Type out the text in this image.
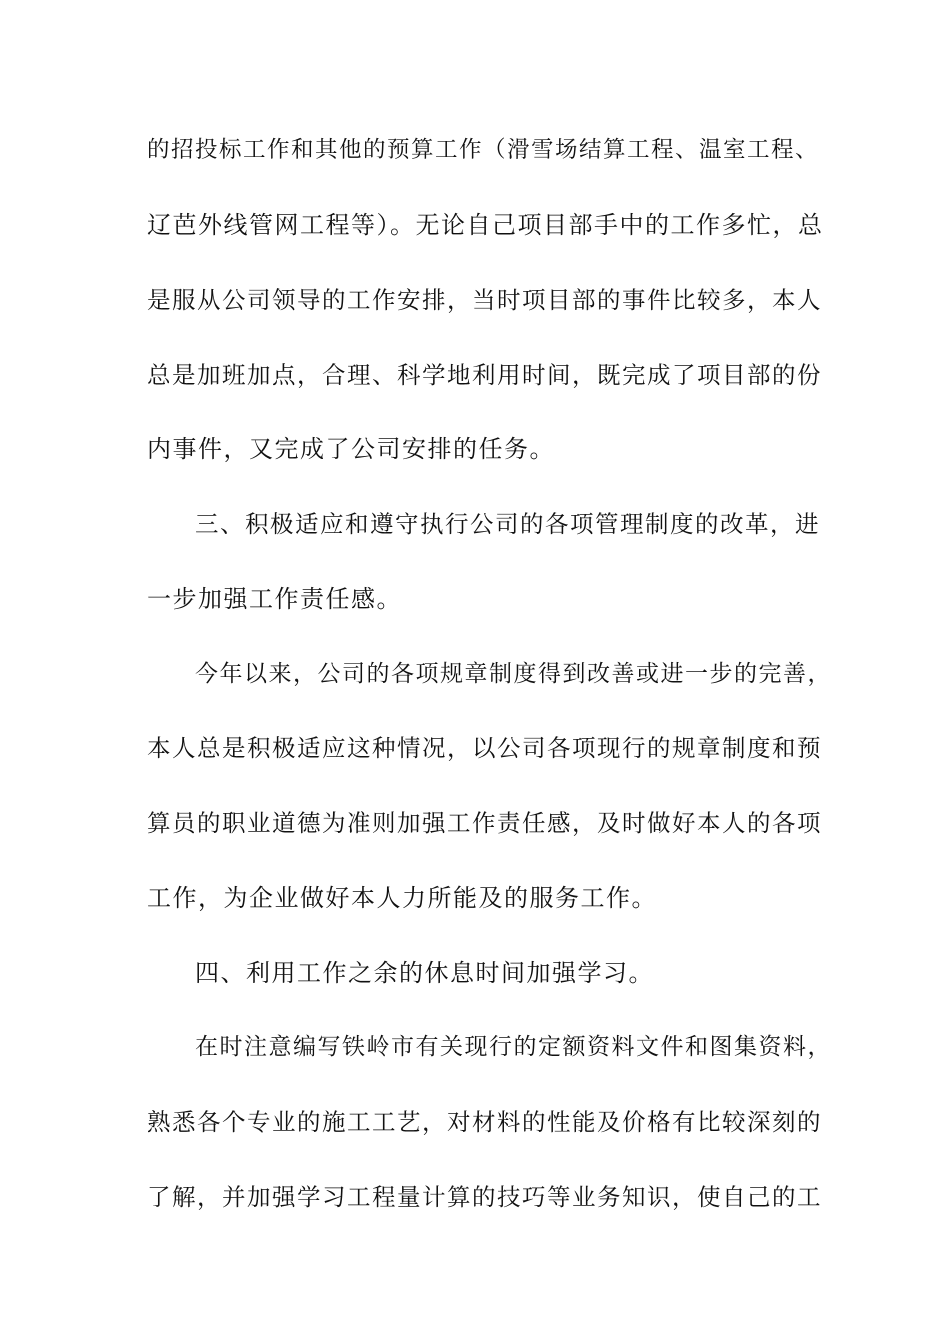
的招投标工作和其他的预算工作（滑雪场结算工程、温室工程、

辽芭外线管网工程等）。无论自己项目部手中的工作多忙，总

是服从公司领导的工作安排，当时项目部的事件比较多，本人

总是加班加点，合理、科学地利用时间，既完成了项目部的份

内事件，又完成了公司安排的任务。

三、积极适应和遵守执行公司的各项管理制度的改革，进

一步加强工作责任感。

今年以来，公司的各项规章制度得到改善或进一步的完善，

本人总是积极适应这种情况，以公司各项现行的规章制度和预

算员的职业道德为准则加强工作责任感，及时做好本人的各项

工作，为企业做好本人力所能及的服务工作。

四、利用工作之余的休息时间加强学习。

在时注意编写铁岭市有关现行的定额资料文件和图集资料，

熟悉各个专业的施工工艺，对材料的性能及价格有比较深刻的

了解，并加强学习工程量计算的技巧等业务知识，使自己的工
